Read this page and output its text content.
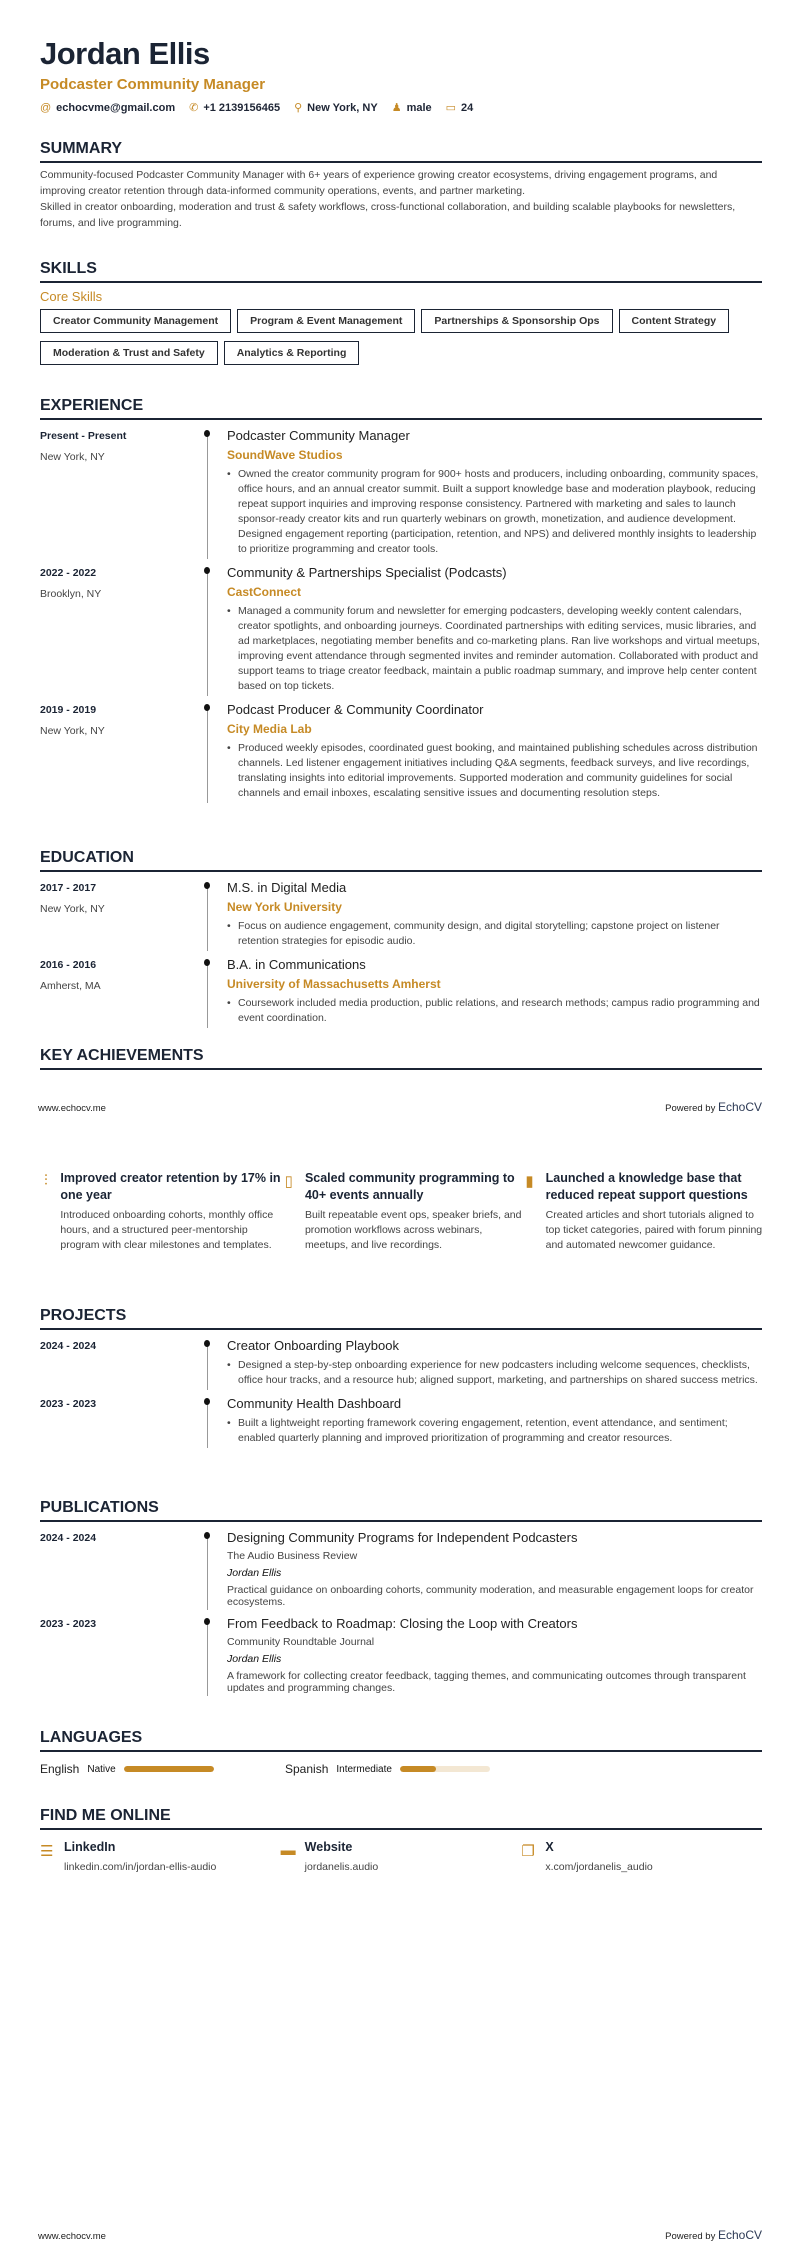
Jordan Ellis
Podcaster Community Manager
@ echocvme@gmail.com ✆ +1 2139156465 ⚲ New York, NY ♟ male ▭ 24
SUMMARY
Community-focused Podcaster Community Manager with 6+ years of experience growing creator ecosystems, driving engagement programs, and improving creator retention through data-informed community operations, events, and partner marketing.
Skilled in creator onboarding, moderation and trust & safety workflows, cross-functional collaboration, and building scalable playbooks for newsletters, forums, and live programming.
SKILLS
Core Skills
Creator Community Management	Program & Event Management	Partnerships & Sponsorship Ops	Content Strategy
Moderation & Trust and Safety	Analytics & Reporting
EXPERIENCE
Present - Present
New York, NY
Podcaster Community Manager
SoundWave Studios
• Owned the creator community program for 900+ hosts and producers, including onboarding, community spaces, office hours, and an annual creator summit. Built a support knowledge base and moderation playbook, reducing repeat support inquiries and improving response consistency. Partnered with marketing and sales to launch sponsor-ready creator kits and run quarterly webinars on growth, monetization, and audience development. Designed engagement reporting (participation, retention, and NPS) and delivered monthly insights to leadership to prioritize programming and creator tools.
2022 - 2022
Brooklyn, NY
Community & Partnerships Specialist (Podcasts)
CastConnect
• Managed a community forum and newsletter for emerging podcasters, developing weekly content calendars, creator spotlights, and onboarding journeys. Coordinated partnerships with editing services, music libraries, and ad marketplaces, negotiating member benefits and co-marketing plans. Ran live workshops and virtual meetups, improving event attendance through segmented invites and reminder automation. Collaborated with product and support teams to triage creator feedback, maintain a public roadmap summary, and improve help center content based on top tickets.
2019 - 2019
New York, NY
Podcast Producer & Community Coordinator
City Media Lab
• Produced weekly episodes, coordinated guest booking, and maintained publishing schedules across distribution channels. Led listener engagement initiatives including Q&A segments, feedback surveys, and live recordings, translating insights into editorial improvements. Supported moderation and community guidelines for social channels and email inboxes, escalating sensitive issues and documenting resolution steps.
EDUCATION
2017 - 2017
New York, NY
M.S. in Digital Media
New York University
• Focus on audience engagement, community design, and digital storytelling; capstone project on listener retention strategies for episodic audio.
2016 - 2016
Amherst, MA
B.A. in Communications
University of Massachusetts Amherst
• Coursework included media production, public relations, and research methods; campus radio programming and event coordination.
KEY ACHIEVEMENTS
www.echocv.me	Powered by EchoCV
⫶ Improved creator retention by 17% in one year
Introduced onboarding cohorts, monthly office hours, and a structured peer-mentorship program with clear milestones and templates.
▯ Scaled community programming to 40+ events annually
Built repeatable event ops, speaker briefs, and promotion workflows across webinars, meetups, and live recordings.
▮ Launched a knowledge base that reduced repeat support questions
Created articles and short tutorials aligned to top ticket categories, paired with forum pinning and automated newcomer guidance.
PROJECTS
2024 - 2024	Creator Onboarding Playbook
• Designed a step-by-step onboarding experience for new podcasters including welcome sequences, checklists, office hour tracks, and a resource hub; aligned support, marketing, and partnerships on shared success metrics.
2023 - 2023	Community Health Dashboard
• Built a lightweight reporting framework covering engagement, retention, event attendance, and sentiment; enabled quarterly planning and improved prioritization of programming and creator resources.
PUBLICATIONS
2024 - 2024	Designing Community Programs for Independent Podcasters
The Audio Business Review
Jordan Ellis
Practical guidance on onboarding cohorts, community moderation, and measurable engagement loops for creator ecosystems.
2023 - 2023	From Feedback to Roadmap: Closing the Loop with Creators
Community Roundtable Journal
Jordan Ellis
A framework for collecting creator feedback, tagging themes, and communicating outcomes through transparent updates and programming changes.
LANGUAGES
English Native	Spanish Intermediate
FIND ME ONLINE
☰ LinkedIn
linkedin.com/in/jordan-ellis-audio
▬ Website
jordanelis.audio
❐ X
x.com/jordanelis_audio
www.echocv.me	Powered by EchoCV
